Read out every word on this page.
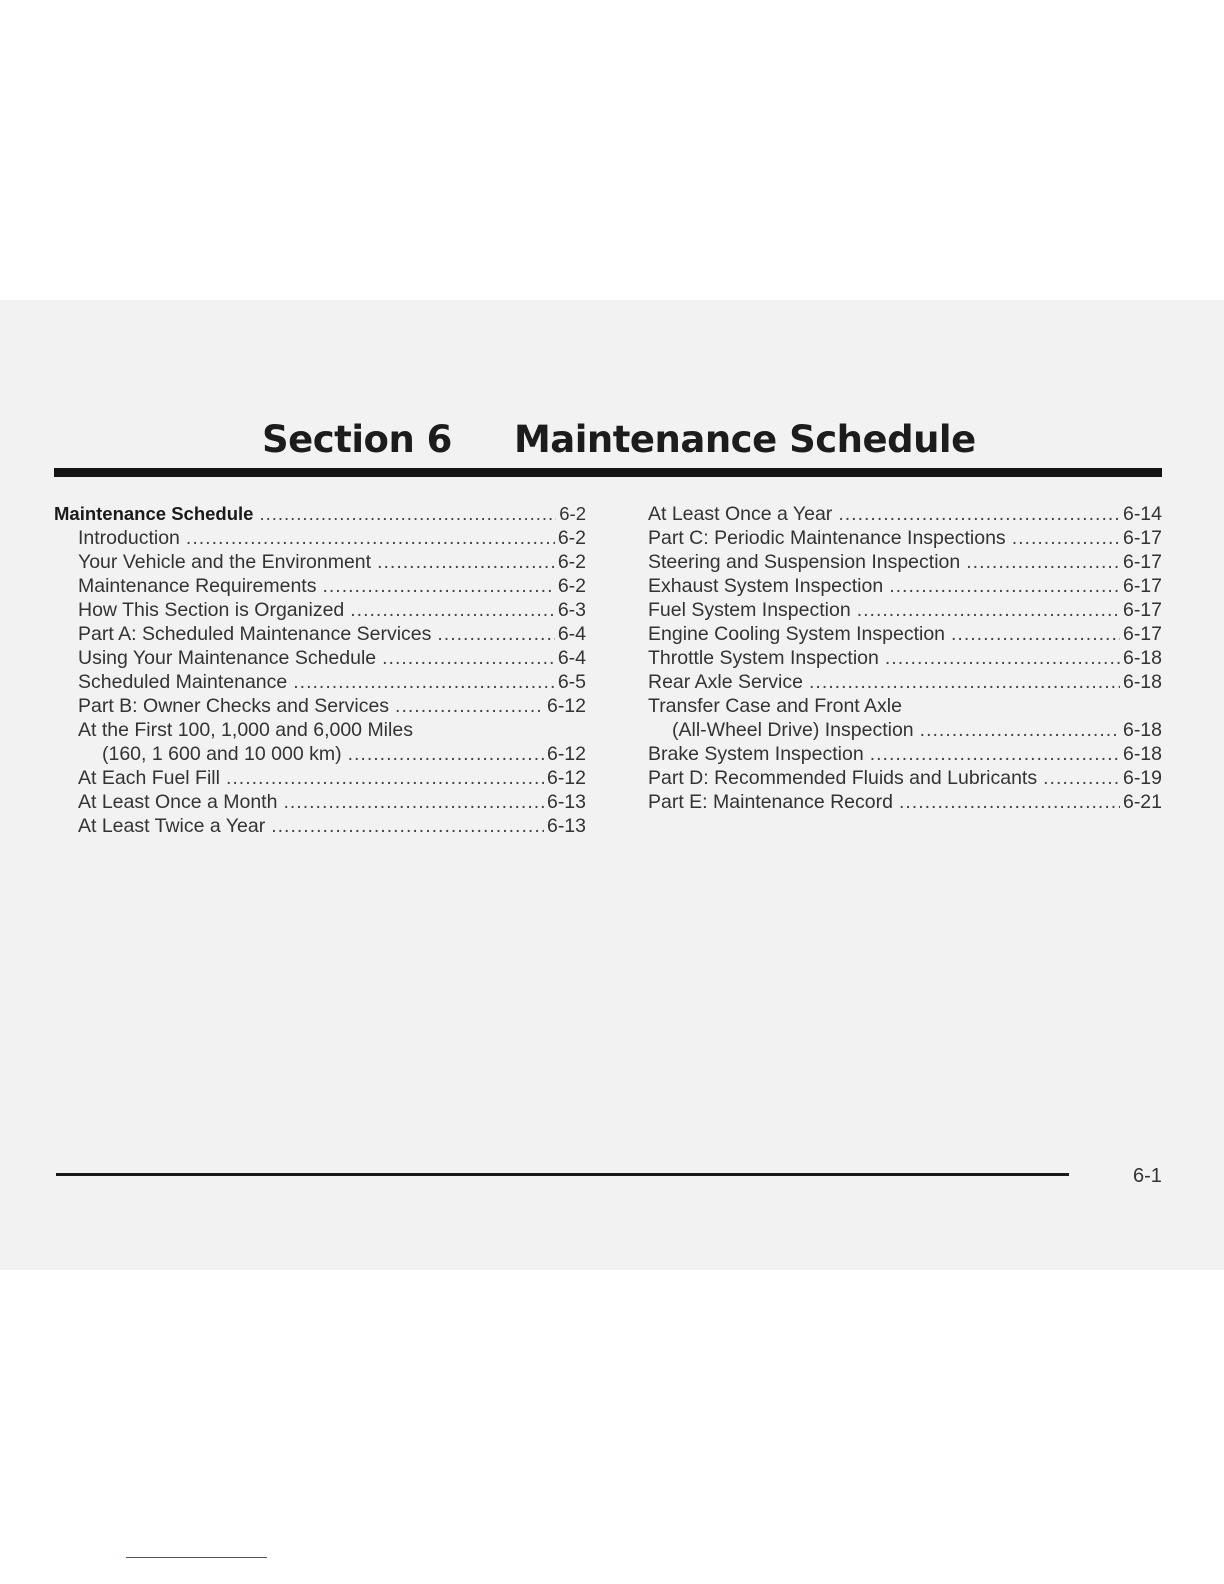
Section 6 Maintenance Schedule
Maintenance Schedule .....	6-2
Introduction .....	6-2
Your Vehicle and the Environment .....	6-2
Maintenance Requirements .....	6-2
How This Section is Organized .....	6-3
Part A: Scheduled Maintenance Services .....	6-4
Using Your Maintenance Schedule .....	6-4
Scheduled Maintenance .....	6-5
Part B: Owner Checks and Services .....	6-12
At the First 100, 1,000 and 6,000 Miles
(160, 1 600 and 10 000 km) .....	6-12
At Each Fuel Fill .....	6-12
At Least Once a Month .....	6-13
At Least Twice a Year .....	6-13
At Least Once a Year .....	6-14
Part C: Periodic Maintenance Inspections .....	6-17
Steering and Suspension Inspection .....	6-17
Exhaust System Inspection .....	6-17
Fuel System Inspection .....	6-17
Engine Cooling System Inspection .....	6-17
Throttle System Inspection .....	6-18
Rear Axle Service .....	6-18
Transfer Case and Front Axle
(All-Wheel Drive) Inspection .....	6-18
Brake System Inspection .....	6-18
Part D: Recommended Fluids and Lubricants .....	6-19
Part E: Maintenance Record .....	6-21
6-1
